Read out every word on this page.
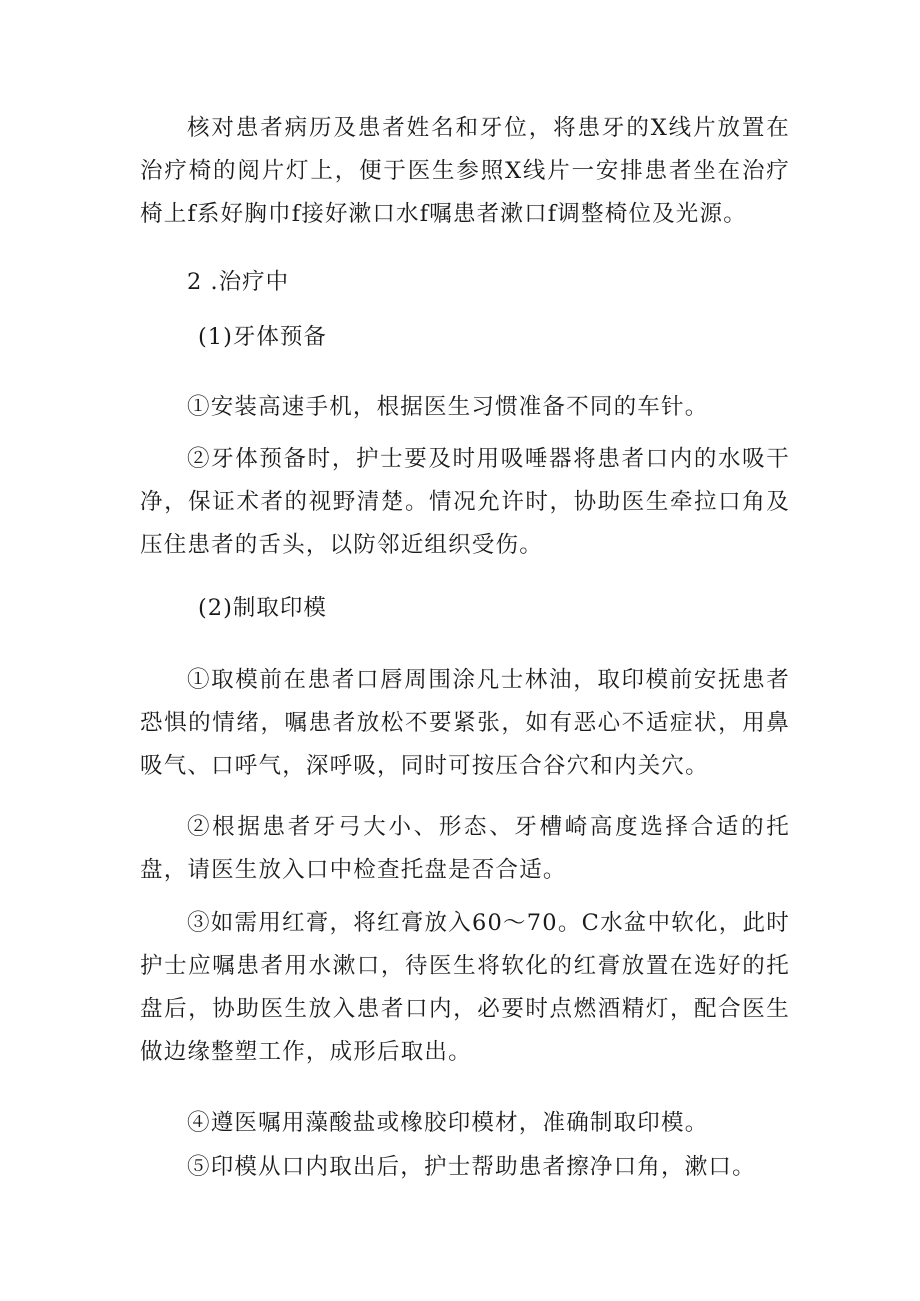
核对患者病历及患者姓名和牙位，将患牙的X线片放置在治疗椅的阅片灯上，便于医生参照X线片一安排患者坐在治疗椅上f系好胸巾f接好漱口水f嘱患者漱口f调整椅位及光源。

2 .治疗中

(1)牙体预备

①安装高速手机，根据医生习惯准备不同的车针。

②牙体预备时，护士要及时用吸唾器将患者口内的水吸干净，保证术者的视野清楚。情况允许时，协助医生牵拉口角及压住患者的舌头，以防邻近组织受伤。

(2)制取印模

①取模前在患者口唇周围涂凡士林油，取印模前安抚患者恐惧的情绪，嘱患者放松不要紧张，如有恶心不适症状，用鼻吸气、口呼气，深呼吸，同时可按压合谷穴和内关穴。

②根据患者牙弓大小、形态、牙槽崎高度选择合适的托盘，请医生放入口中检查托盘是否合适。

③如需用红膏，将红膏放入60〜70。C水盆中软化，此时护士应嘱患者用水漱口，待医生将软化的红膏放置在选好的托盘后，协助医生放入患者口内，必要时点燃酒精灯，配合医生做边缘整塑工作，成形后取出。

④遵医嘱用藻酸盐或橡胶印模材，准确制取印模。

⑤印模从口内取出后，护士帮助患者擦净口角，漱口。
